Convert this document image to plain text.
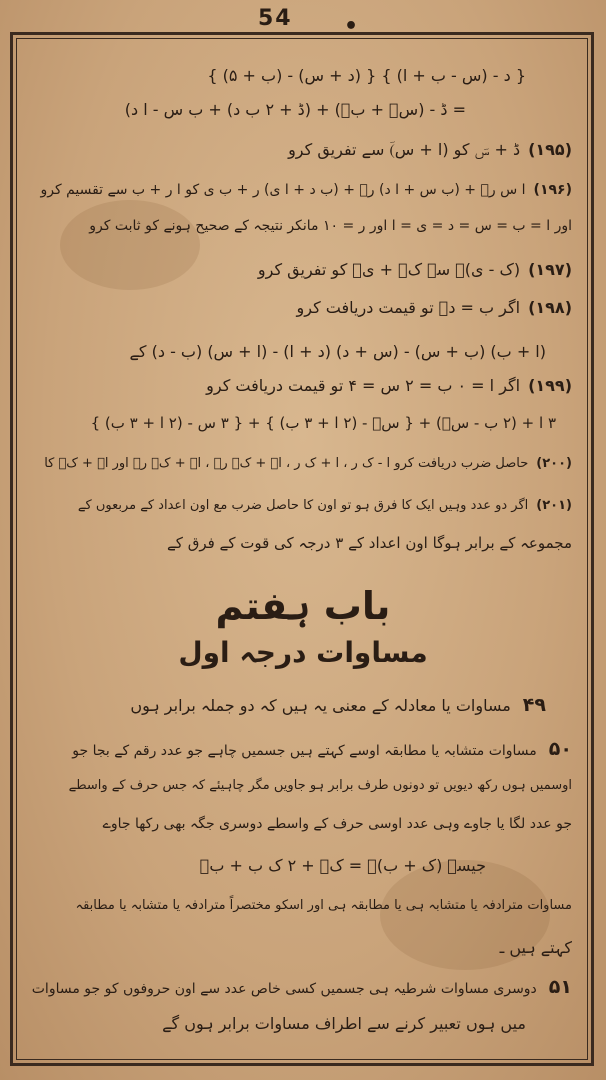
54 •
{ د - (س - ب + ا) } { (د + س) - (ب + ۵) }
= ڈ - (سؔ + بؔ) + (ڈ + ۲ ب د) + ب س - ا د)
(۱۹۵)ڈ + سؔ کو (ا + س)ؔ سے تفریق کرو
(۱۹۶)ا س رؔ + (ب س + ا د) رؔ + (ب د + ا ی) ر + ب ی کو ا ر + ب سے تقسیم کرو
اور ا = ب = س = د = ی = ا اور ر = ۱۰ مانکر نتیجہ کے صحیح ہونے کو ثابت کرو
(۱۹۷)(ک - ی)ؔ سے کؔ + یؔ کو تفریق کرو
(۱۹۸)اگر ب = دؔ تو قیمت دریافت کرو
(ا + ب) (ب + س) - (س + د) (د + ا) - (ا + س) (ب - د) کے
(۱۹۹)اگر ا = ۰ ب = ۲ س = ۴ تو قیمت دریافت کرو
۳ ا + (۲ ب - سؔ) + { سؔ - (۲ ا + ۳ ب) } + { ۳ س - (۲ ا + ۳ ب) }
(۲۰۰)حاصل ضرب دریافت کرو ا - ک ر ، ا + ک ر ، اؔ + کؔ رؔ ، اؔ + کؔ رؔ اور اؔ + کؔ کا
(۲۰۱)اگر دو عدد وہیں ایک کا فرق ہو تو اون کا حاصل ضرب مع اون اعداد کے مربعوں کے
مجموعہ کے برابر ہوگا اون اعداد کے ۳ درجہ کی قوت کے فرق کے
باب ہفتم
مساوات درجہ اول
۴۹مساوات یا معادلہ کے معنی یہ ہیں کہ دو جملہ برابر ہوں
۵۰مساوات متشابہ یا مطابقہ اوسے کہتے ہیں جسمیں چاہے جو عدد رقم کے بجا جو
اوسمیں ہوں رکھ دیویں تو دونوں طرف برابر ہو جاویں مگر چاہیئے کہ جس حرف کے واسطے
جو عدد لگا یا جاوے وہی عدد اوسی حرف کے واسطے دوسری جگہ بھی رکھا جاوے
جیسے (ک + ب)ؔ = کؔ + ۲ ک ب + بؔ
مساوات مترادفہ یا متشابہ ہی یا مطابقہ ہی اور اسکو مختصراً مترادفہ یا متشابہ یا مطابقہ
کہتے ہیں ـ
۵۱دوسری مساوات شرطیہ ہی جسمیں کسی خاص عدد سے اون حروفوں کو جو مساوات
میں ہوں تعبیر کرنے سے اطراف مساوات برابر ہوں گے
